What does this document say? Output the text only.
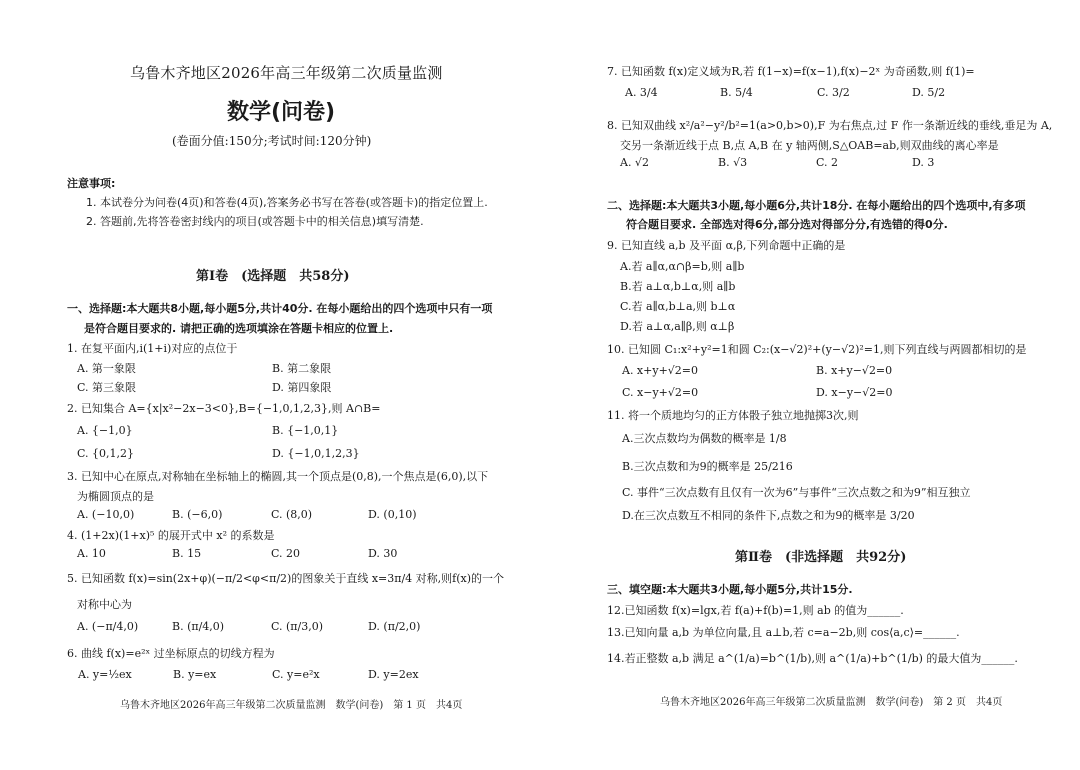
乌鲁木齐地区2026年高三年级第二次质量监测
数学(问卷)
(卷面分值:150分;考试时间:120分钟)
注意事项:
1. 本试卷分为问卷(4页)和答卷(4页),答案务必书写在答卷(或答题卡)的指定位置上.
2. 答题前,先将答卷密封线内的项目(或答题卡中的相关信息)填写清楚.
第Ⅰ卷　(选择题　共58分)
一、选择题:本大题共8小题,每小题5分,共计40分. 在每小题给出的四个选项中只有一项
是符合题目要求的. 请把正确的选项填涂在答题卡相应的位置上.
1. 在复平面内,i(1+i)对应的点位于
A. 第一象限	B. 第二象限
C. 第三象限	D. 第四象限
2. 已知集合 A={x|x²−2x−3<0},B={−1,0,1,2,3},则 A∩B=
A. {−1,0}	B. {−1,0,1}
C. {0,1,2}	D. {−1,0,1,2,3}
3. 已知中心在原点,对称轴在坐标轴上的椭圆,其一个顶点是(0,8),一个焦点是(6,0),以下
为椭圆顶点的是
A. (−10,0)	B. (−6,0)	C. (8,0)	D. (0,10)
4. (1+2x)(1+x)⁵ 的展开式中 x² 的系数是
A. 10	B. 15	C. 20	D. 30
5. 已知函数 f(x)=sin(2x+φ)(−π/2<φ<π/2)的图象关于直线 x=3π/4 对称,则f(x)的一个
对称中心为
A. (−π/4,0)	B. (π/4,0)	C. (π/3,0)	D. (π/2,0)
6. 曲线 f(x)=e²ˣ 过坐标原点的切线方程为
A. y=½ex	B. y=ex	C. y=e²x	D. y=2ex
乌鲁木齐地区2026年高三年级第二次质量监测　数学(问卷)　第 1 页　共4页
7. 已知函数 f(x)定义域为R,若 f(1−x)=f(x−1),f(x)−2ˣ 为奇函数,则 f(1)=
A. 3/4	B. 5/4	C. 3/2	D. 5/2
8. 已知双曲线 x²/a²−y²/b²=1(a>0,b>0),F 为右焦点,过 F 作一条渐近线的垂线,垂足为 A,
交另一条渐近线于点 B,点 A,B 在 y 轴两侧,S△OAB=ab,则双曲线的离心率是
A. √2	B. √3	C. 2	D. 3
二、选择题:本大题共3小题,每小题6分,共计18分. 在每小题给出的四个选项中,有多项
符合题目要求. 全部选对得6分,部分选对得部分分,有选错的得0分.
9. 已知直线 a,b 及平面 α,β,下列命题中正确的是
A.若 a∥α,α∩β=b,则 a∥b
B.若 a⊥α,b⊥α,则 a∥b
C.若 a∥α,b⊥a,则 b⊥α
D.若 a⊥α,a∥β,则 α⊥β
10. 已知圆 C₁:x²+y²=1和圆 C₂:(x−√2)²+(y−√2)²=1,则下列直线与两圆都相切的是
A. x+y+√2=0	B. x+y−√2=0
C. x−y+√2=0	D. x−y−√2=0
11. 将一个质地均匀的正方体骰子独立地抛掷3次,则
A.三次点数均为偶数的概率是 1/8
B.三次点数和为9的概率是 25/216
C. 事件“三次点数有且仅有一次为6”与事件“三次点数之和为9”相互独立
D.在三次点数互不相同的条件下,点数之和为9的概率是 3/20
第Ⅱ卷　(非选择题　共92分)
三、填空题:本大题共3小题,每小题5分,共计15分.
12.已知函数 f(x)=lgx,若 f(a)+f(b)=1,则 ab 的值为______.
13.已知向量 a,b 为单位向量,且 a⊥b,若 c=a−2b,则 cos⟨a,c⟩=______.
14.若正整数 a,b 满足 a^(1/a)=b^(1/b),则 a^(1/a)+b^(1/b) 的最大值为______.
乌鲁木齐地区2026年高三年级第二次质量监测　数学(问卷)　第 2 页　共4页
